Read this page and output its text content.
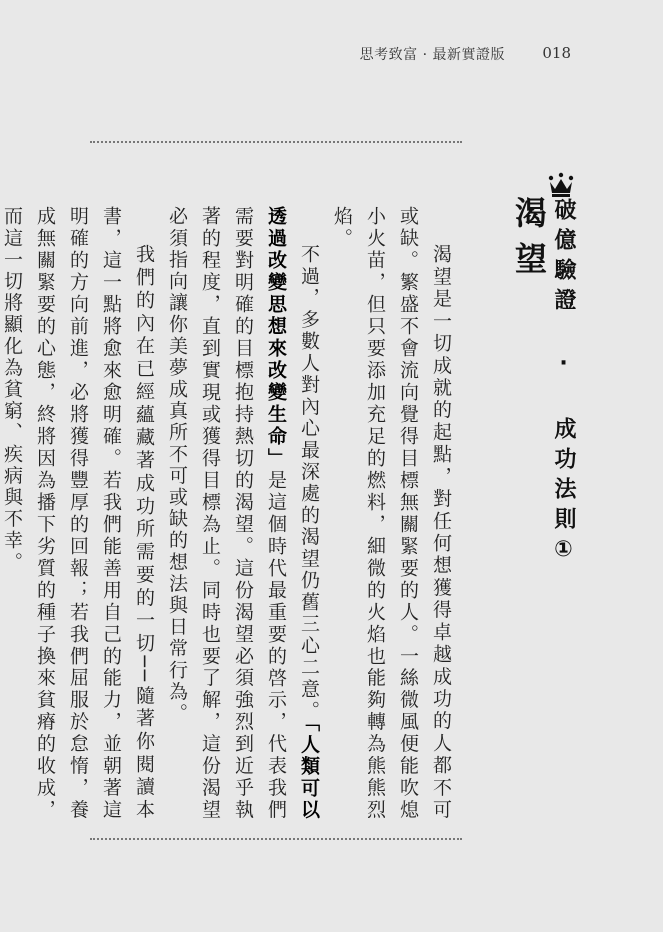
思考致富 · 最新實證版 018
破億驗證 · 成功法則①
渴望

渴望是一切成就的起點，對任何想獲得卓越成功的人都不可或缺。繁盛不會流向覺得目標無關緊要的人。一絲微風便能吹熄小火苗，但只要添加充足的燃料，細微的火焰也能夠轉為熊熊烈焰。

不過，多數人對內心最深處的渴望仍舊三心二意。「人類可以透過改變思想來改變生命」是這個時代最重要的啓示，代表我們需要對明確的目標抱持熱切的渴望。這份渴望必須強烈到近乎執著的程度，直到實現或獲得目標為止。同時也要了解，這份渴望必須指向讓你美夢成真所不可或缺的想法與日常行為。

我們的內在已經蘊藏著成功所需要的一切──隨著你閱讀本書，這一點將愈來愈明確。若我們能善用自己的能力，並朝著這明確的方向前進，必將獲得豐厚的回報；若我們屈服於怠惰，養成無關緊要的心態，終將因為播下劣質的種子換來貧瘠的收成，而這一切將顯化為貧窮、疾病與不幸。
